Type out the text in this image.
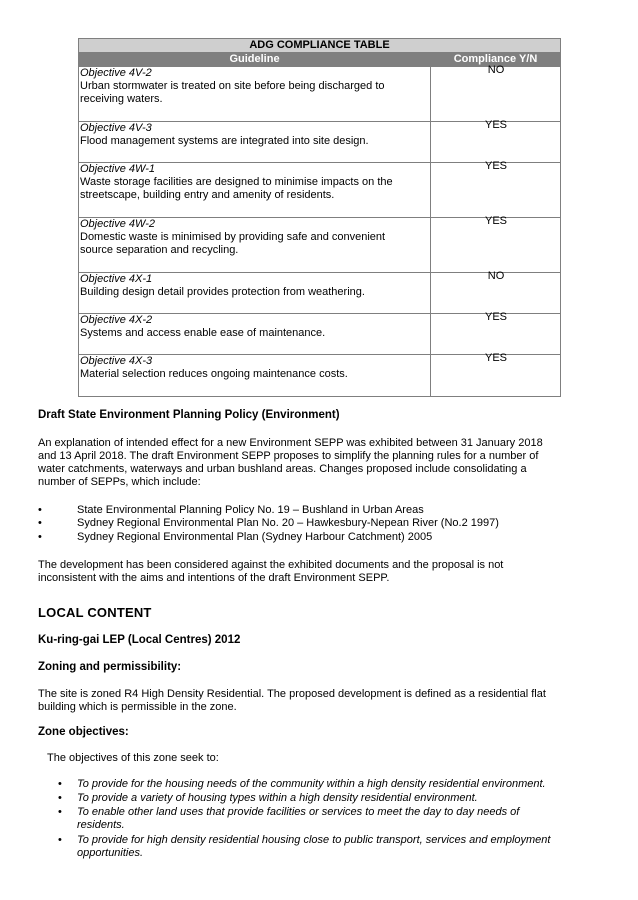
ADG COMPLIANCE TABLE	
Guideline	Compliance Y/N

Objective 4V-2
Urban stormwater is treated on site before being discharged to
receiving waters.	NO

Objective 4V-3
Flood management systems are integrated into site design.	YES

Objective 4W-1
Waste storage facilities are designed to minimise impacts on the
streetscape, building entry and amenity of residents.	YES

Objective 4W-2
Domestic waste is minimised by providing safe and convenient
source separation and recycling.	YES

Objective 4X-1
Building design detail provides protection from weathering.	NO

Objective 4X-2
Systems and access enable ease of maintenance.	YES

Objective 4X-3
Material selection reduces ongoing maintenance costs.	YES
Draft State Environment Planning Policy (Environment)
An explanation of intended effect for a new Environment SEPP was exhibited between 31 January 2018
and 13 April 2018. The draft Environment SEPP proposes to simplify the planning rules for a number of
water catchments, waterways and urban bushland areas. Changes proposed include consolidating a
number of SEPPs, which include:
•	State Environmental Planning Policy No. 19 – Bushland in Urban Areas
•	Sydney Regional Environmental Plan No. 20 – Hawkesbury-Nepean River (No.2 1997)
•	Sydney Regional Environmental Plan (Sydney Harbour Catchment) 2005
The development has been considered against the exhibited documents and the proposal is not
inconsistent with the aims and intentions of the draft Environment SEPP.
LOCAL CONTENT
Ku-ring-gai LEP (Local Centres) 2012
Zoning and permissibility:
The site is zoned R4 High Density Residential. The proposed development is defined as a residential flat
building which is permissible in the zone.
Zone objectives:
The objectives of this zone seek to:
• To provide for the housing needs of the community within a high density residential environment.
• To provide a variety of housing types within a high density residential environment.
• To enable other land uses that provide facilities or services to meet the day to day needs of
residents.
• To provide for high density residential housing close to public transport, services and employment
opportunities.
